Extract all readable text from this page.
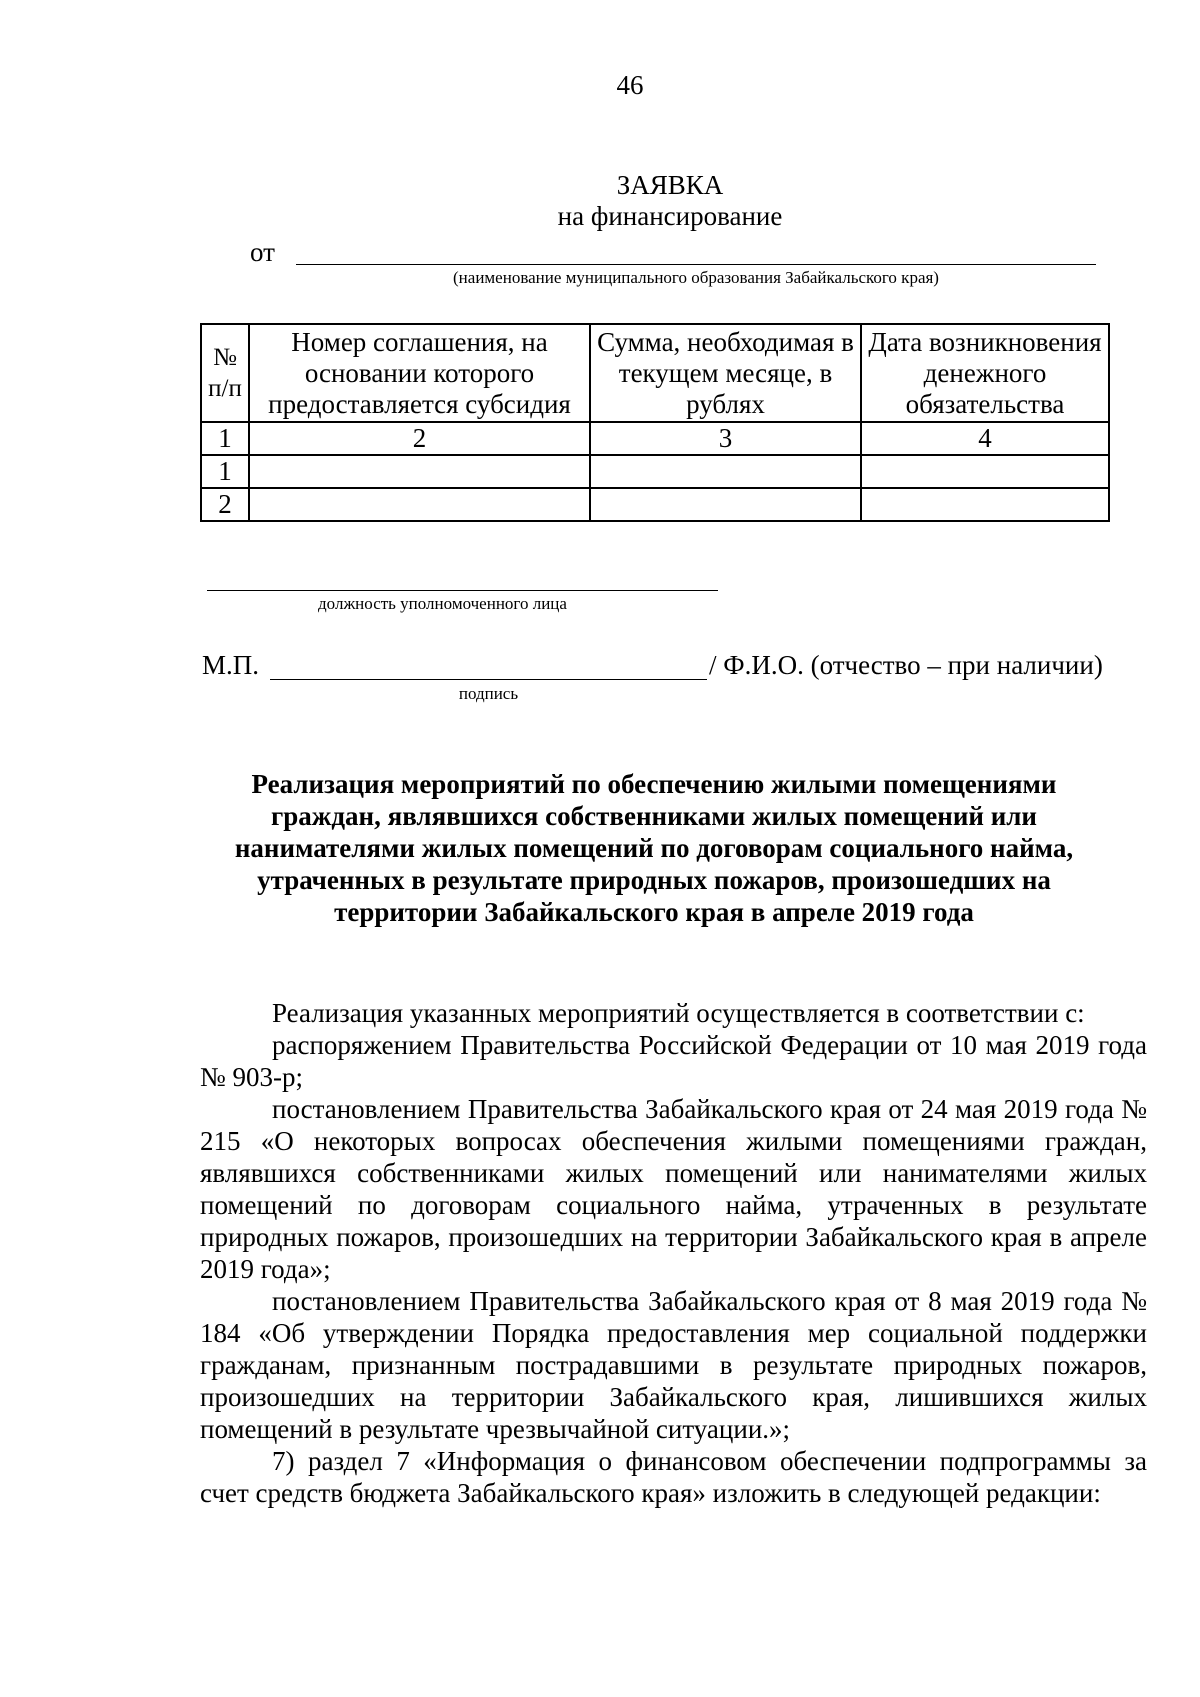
46
ЗАЯВКА
на финансирование
от
(наименование муниципального образования Забайкальского края)
№ п/п	Номер соглашения, на основании которого предоставляется субсидия	Сумма, необходимая в текущем месяце, в рублях	Дата возникновения денежного обязательства
1	2	3	4
1			
2			
должность уполномоченного лица
М.П.
подпись
/ Ф.И.О. (отчество – при наличии)
Реализация мероприятий по обеспечению жилыми помещениями граждан, являвшихся собственниками жилых помещений или нанимателями жилых помещений по договорам социального найма, утраченных в результате природных пожаров, произошедших на территории Забайкальского края в апреле 2019 года
Реализация указанных мероприятий осуществляется в соответствии с:
распоряжением Правительства Российской Федерации от 10 мая 2019 года № 903-р;
постановлением Правительства Забайкальского края от 24 мая 2019 года № 215 «О некоторых вопросах обеспечения жилыми помещениями граждан, являвшихся собственниками жилых помещений или нанимателями жилых помещений по договорам социального найма, утраченных в результате природных пожаров, произошедших на территории Забайкальского края в апреле 2019 года»;
постановлением Правительства Забайкальского края от 8 мая 2019 года № 184 «Об утверждении Порядка предоставления мер социальной поддержки гражданам, признанным пострадавшими в результате природных пожаров, произошедших на территории Забайкальского края, лишившихся жилых помещений в результате чрезвычайной ситуации.»;
7) раздел 7 «Информация о финансовом обеспечении подпрограммы за счет средств бюджета Забайкальского края» изложить в следующей редакции:
